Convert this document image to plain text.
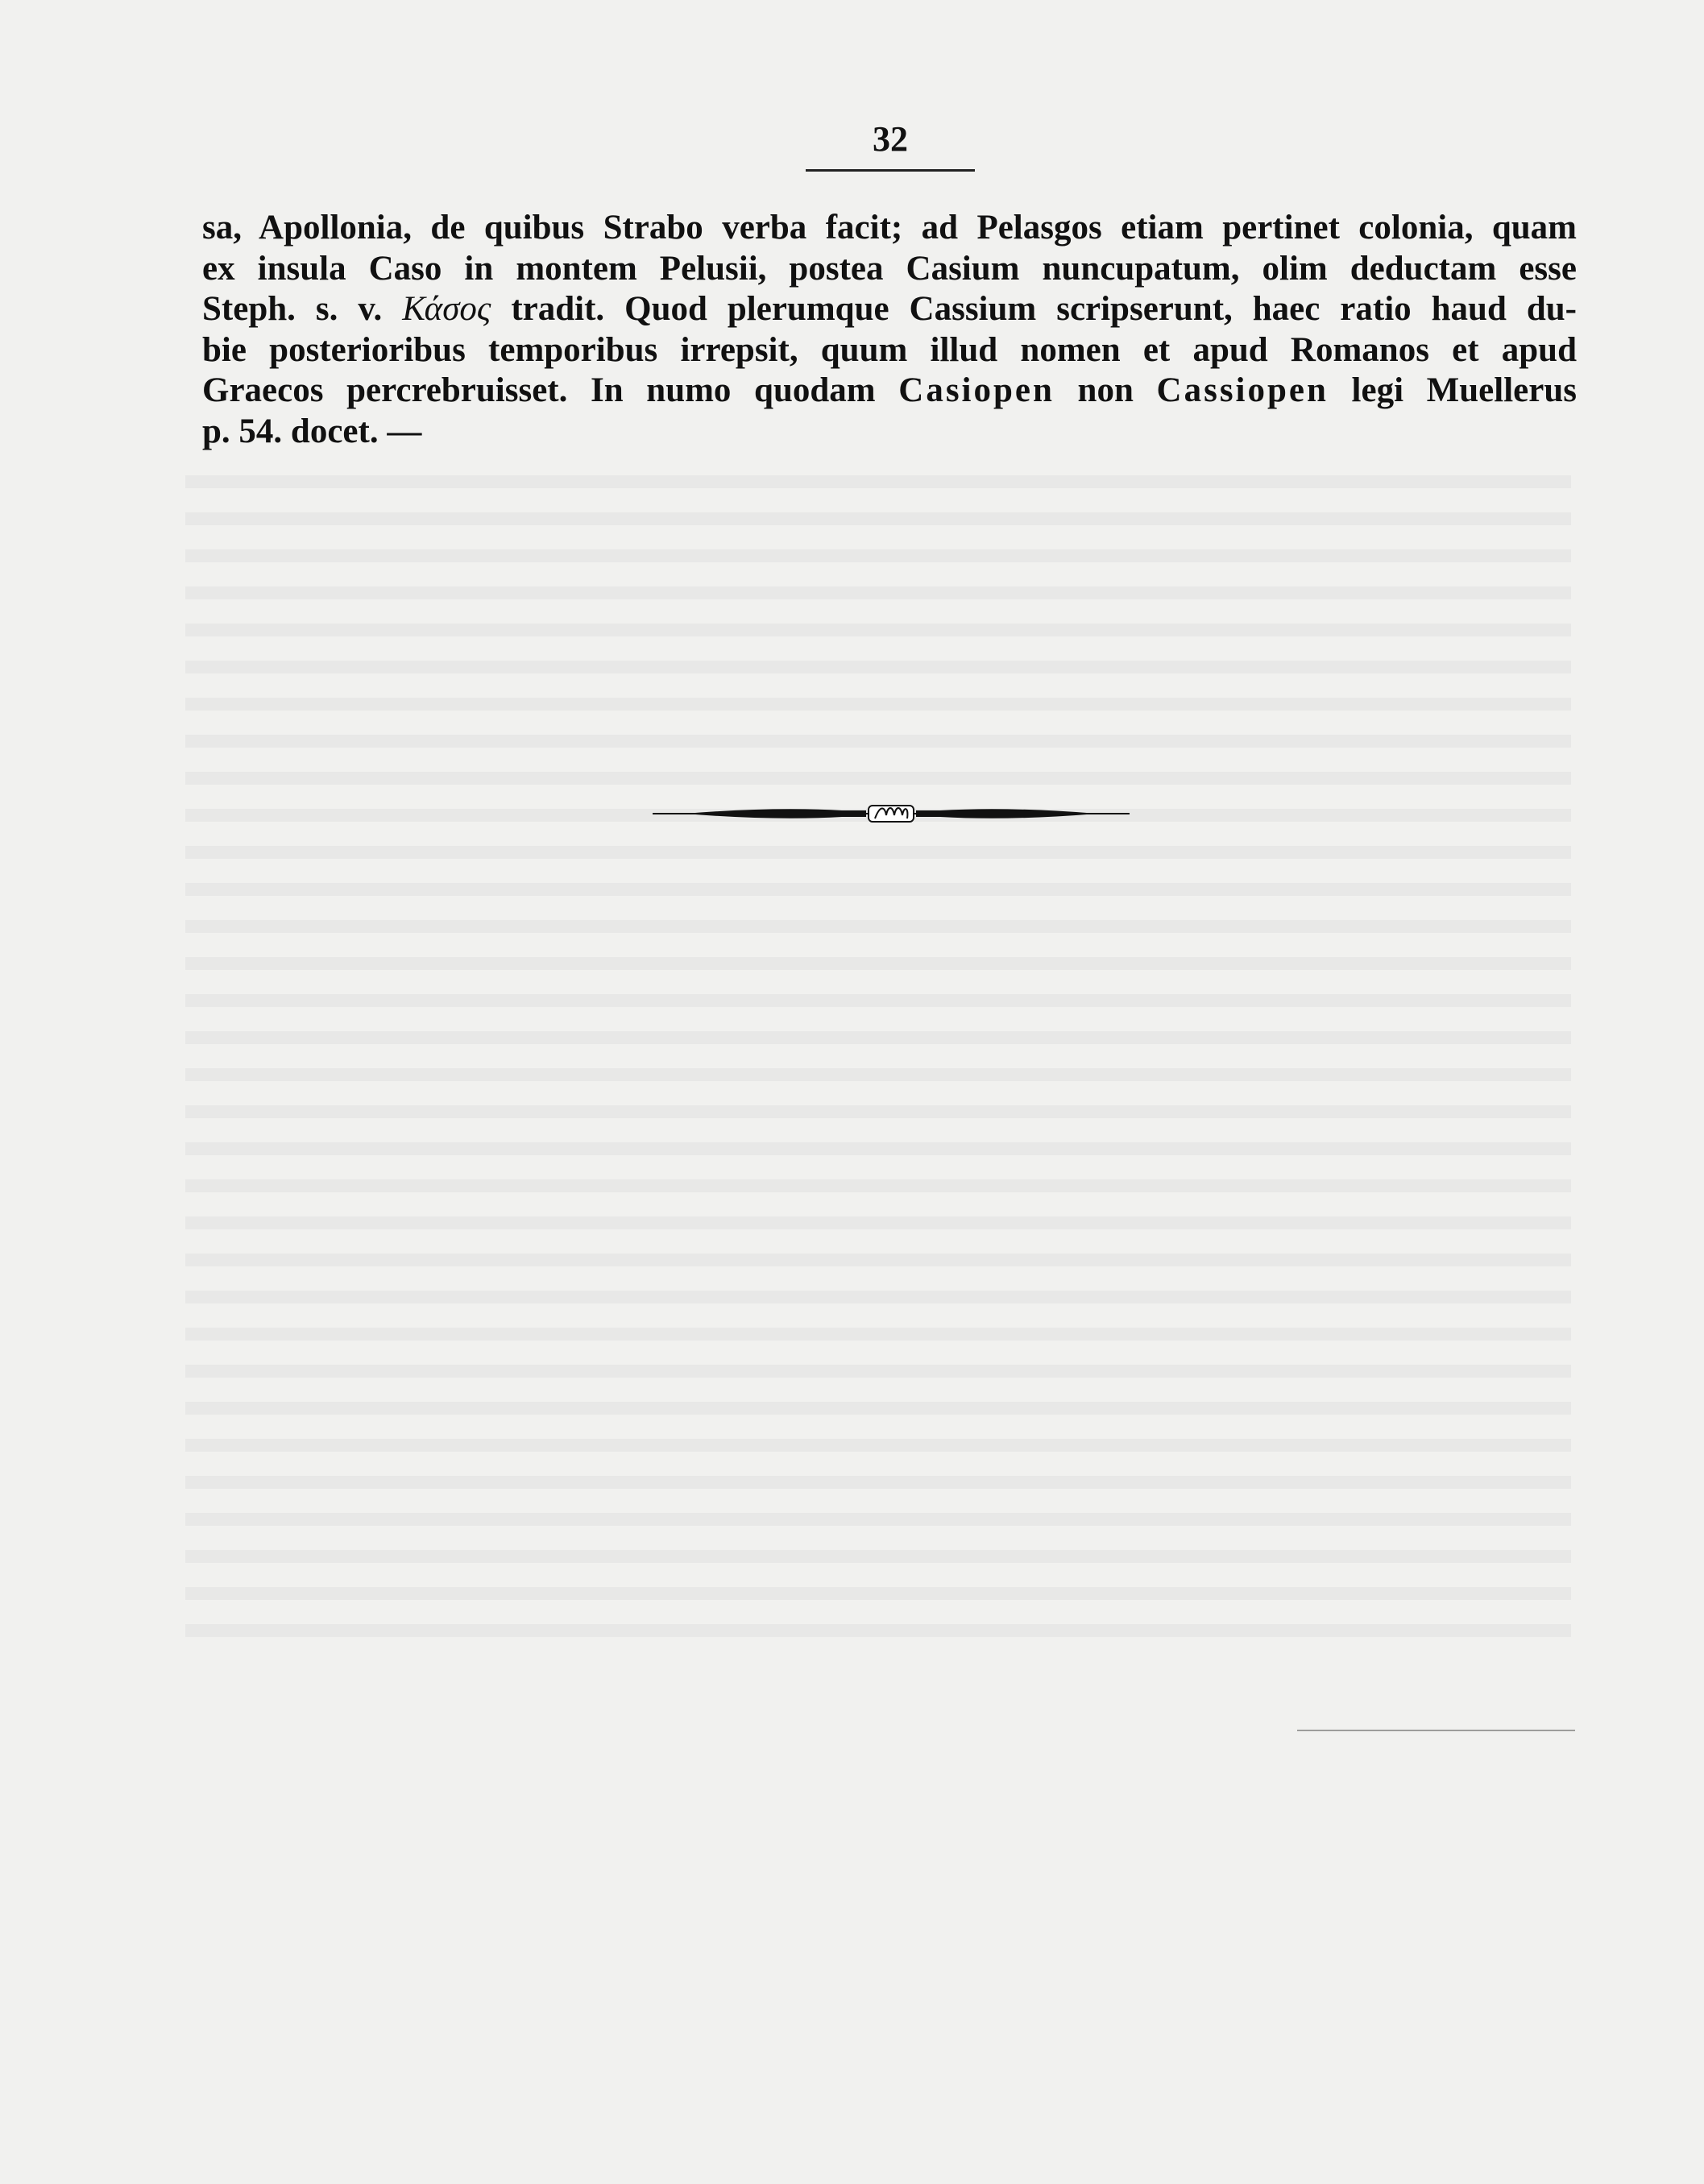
32
sa, Apollonia, de quibus Strabo verba facit; ad Pelasgos etiam pertinet colonia, quam
ex insula Caso in montem Pelusii, postea Casium nuncupatum, olim deductam esse
Steph. s. v. Κάσος tradit. Quod plerumque Cassium scripserunt, haec ratio haud du-
bie posterioribus temporibus irrepsit, quum illud nomen et apud Romanos et apud
Graecos percrebruisset. In numo quodam Casiopen non Cassiopen legi Muellerus
p. 54. docet. —
